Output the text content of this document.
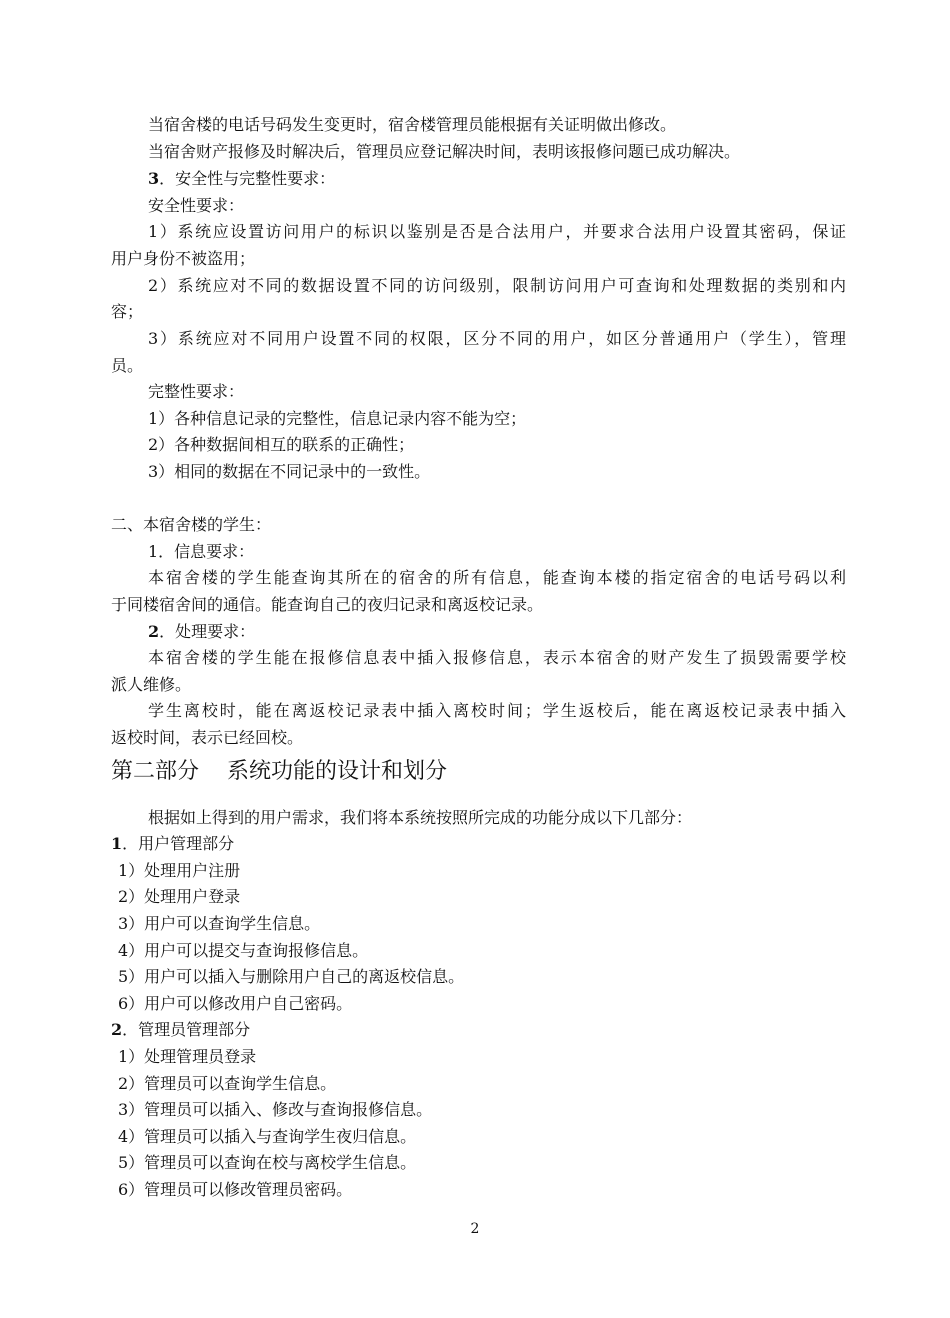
当宿舍楼的电话号码发生变更时，宿舍楼管理员能根据有关证明做出修改。
当宿舍财产报修及时解决后，管理员应登记解决时间，表明该报修问题已成功解决。
3．安全性与完整性要求：
安全性要求：
1）系统应设置访问用户的标识以鉴别是否是合法用户，并要求合法用户设置其密码，保证
用户身份不被盗用；
2）系统应对不同的数据设置不同的访问级别，限制访问用户可查询和处理数据的类别和内
容；
3）系统应对不同用户设置不同的权限，区分不同的用户，如区分普通用户（学生），管理
员。
完整性要求：
1）各种信息记录的完整性，信息记录内容不能为空；
2）各种数据间相互的联系的正确性；
3）相同的数据在不同记录中的一致性。
二、本宿舍楼的学生：
1．信息要求：
本宿舍楼的学生能查询其所在的宿舍的所有信息，能查询本楼的指定宿舍的电话号码以利
于同楼宿舍间的通信。能查询自己的夜归记录和离返校记录。
2．处理要求：
本宿舍楼的学生能在报修信息表中插入报修信息，表示本宿舍的财产发生了损毁需要学校
派人维修。
学生离校时，能在离返校记录表中插入离校时间；学生返校后，能在离返校记录表中插入
返校时间，表示已经回校。
第二部分    系统功能的设计和划分
根据如上得到的用户需求，我们将本系统按照所完成的功能分成以下几部分：
1．用户管理部分
1）处理用户注册
2）处理用户登录
3）用户可以查询学生信息。
4）用户可以提交与查询报修信息。
5）用户可以插入与删除用户自己的离返校信息。
6）用户可以修改用户自己密码。
2．管理员管理部分
1）处理管理员登录
2）管理员可以查询学生信息。
3）管理员可以插入、修改与查询报修信息。
4）管理员可以插入与查询学生夜归信息。
5）管理员可以查询在校与离校学生信息。
6）管理员可以修改管理员密码。
2
